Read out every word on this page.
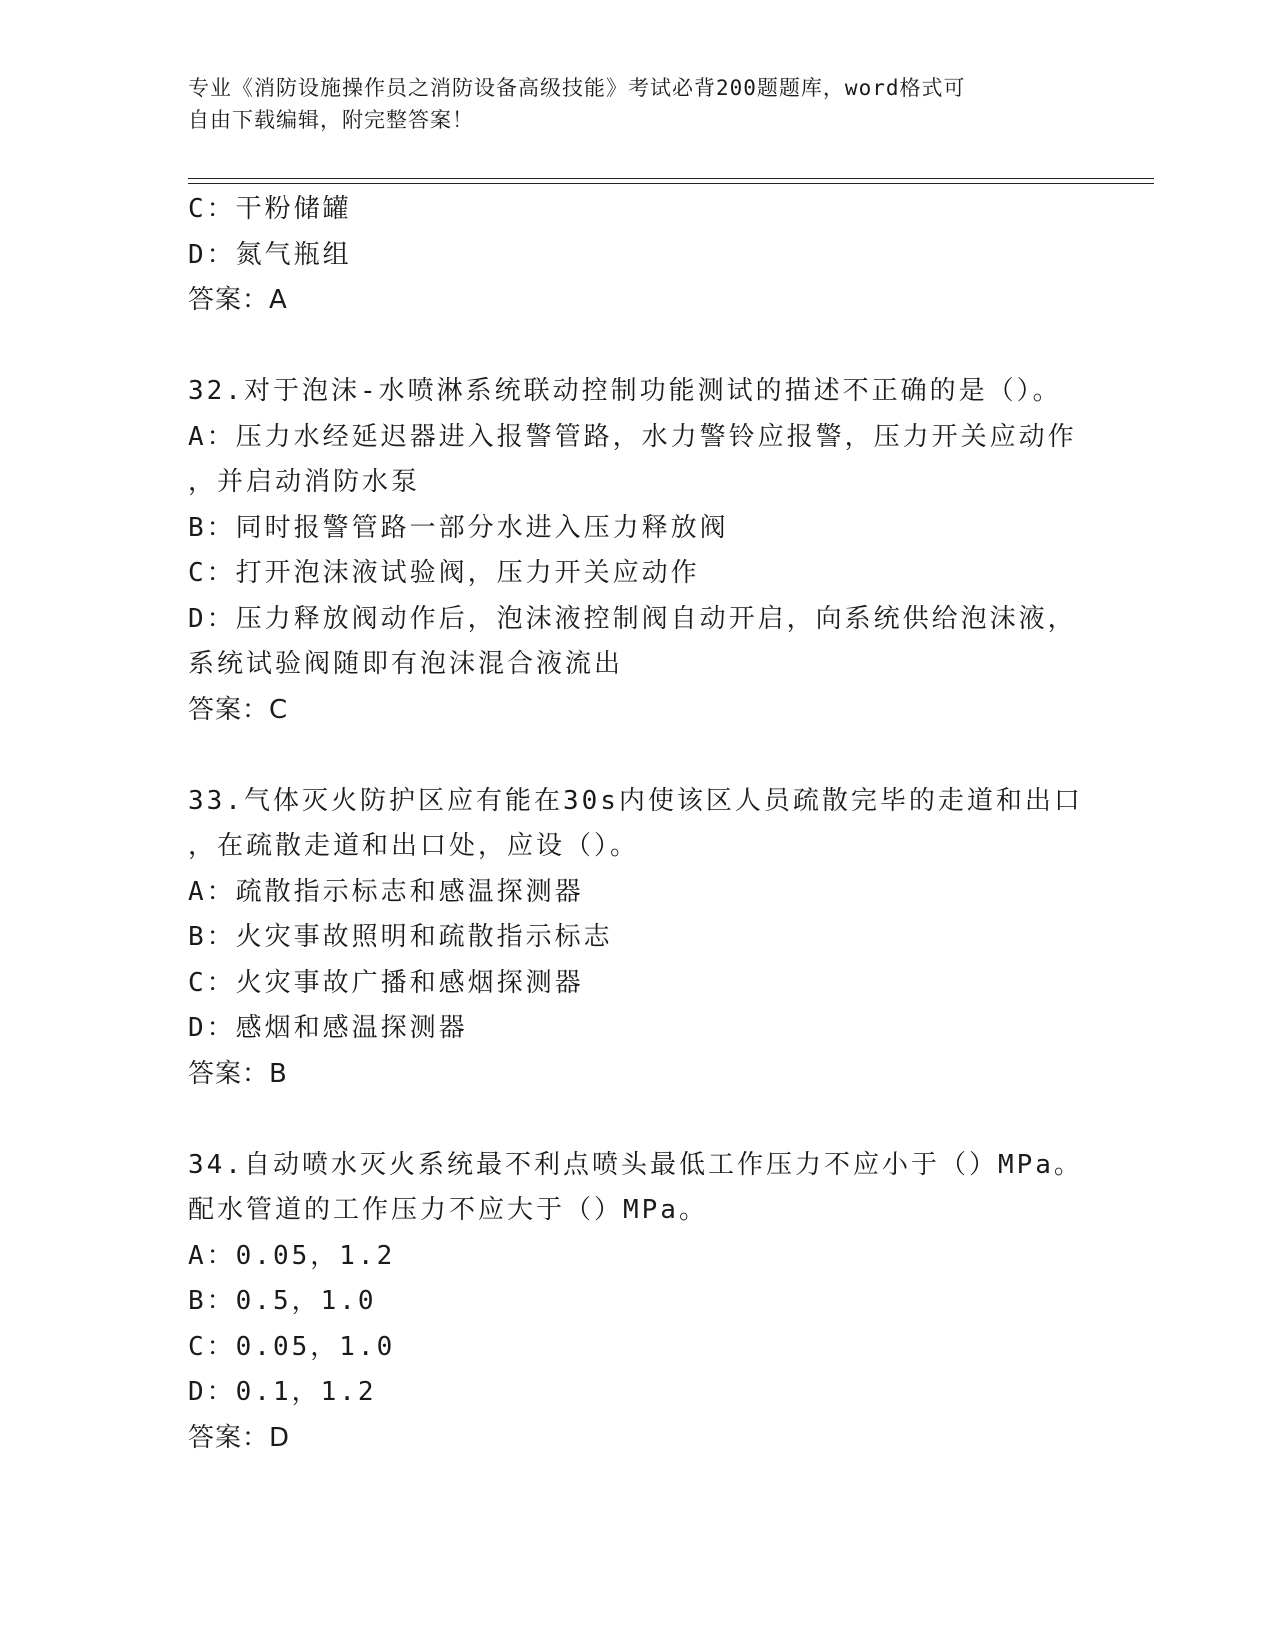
专业《消防设施操作员之消防设备高级技能》考试必背200题题库，word格式可
自由下载编辑，附完整答案！
C：干粉储罐
D：氮气瓶组
答案：A
32.对于泡沫-水喷淋系统联动控制功能测试的描述不正确的是（）。
A：压力水经延迟器进入报警管路，水力警铃应报警，压力开关应动作
，并启动消防水泵
B：同时报警管路一部分水进入压力释放阀
C：打开泡沫液试验阀，压力开关应动作
D：压力释放阀动作后，泡沫液控制阀自动开启，向系统供给泡沫液，
系统试验阀随即有泡沫混合液流出
答案：C
33.气体灭火防护区应有能在30s内使该区人员疏散完毕的走道和出口
，在疏散走道和出口处，应设（）。
A：疏散指示标志和感温探测器
B：火灾事故照明和疏散指示标志
C：火灾事故广播和感烟探测器
D：感烟和感温探测器
答案：B
34.自动喷水灭火系统最不利点喷头最低工作压力不应小于（）MPa。
配水管道的工作压力不应大于（）MPa。
A：0.05，1.2
B：0.5，1.0
C：0.05，1.0
D：0.1，1.2
答案：D
